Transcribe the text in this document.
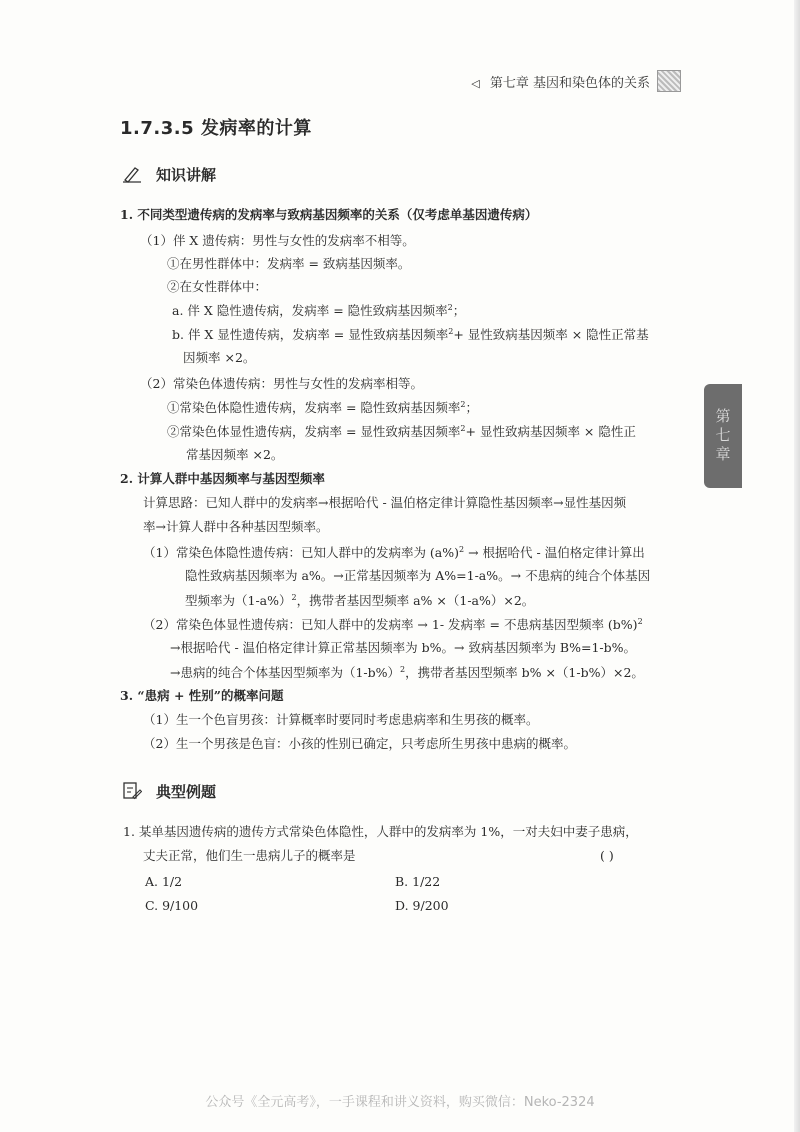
◁ 第七章 基因和染色体的关系
1.7.3.5 发病率的计算
知识讲解
1. 不同类型遗传病的发病率与致病基因频率的关系（仅考虑单基因遗传病）
（1）伴 X 遗传病：男性与女性的发病率不相等。
①在男性群体中：发病率 = 致病基因频率。
②在女性群体中：
a. 伴 X 隐性遗传病，发病率 = 隐性致病基因频率$^2$；
b. 伴 X 显性遗传病，发病率 = 显性致病基因频率$^2$+ 显性致病基因频率 × 隐性正常基
因频率 ×2。
（2）常染色体遗传病：男性与女性的发病率相等。
①常染色体隐性遗传病，发病率 = 隐性致病基因频率$^2$；
②常染色体显性遗传病，发病率 = 显性致病基因频率$^2$+ 显性致病基因频率 × 隐性正
常基因频率 ×2。
2. 计算人群中基因频率与基因型频率
计算思路：已知人群中的发病率→根据哈代 - 温伯格定律计算隐性基因频率→显性基因频
率→计算人群中各种基因型频率。
（1）常染色体隐性遗传病：已知人群中的发病率为 $(a\%)^2$ → 根据哈代 - 温伯格定律计算出
隐性致病基因频率为 a%。→正常基因频率为 A%=1-a%。→ 不患病的纯合个体基因
型频率为$(1-a\%)^2$，携带者基因型频率 a% ×（1-a%）×2。
（2）常染色体显性遗传病：已知人群中的发病率 → 1- 发病率 = 不患病基因型频率 $(b\%)^2$
→根据哈代 - 温伯格定律计算正常基因频率为 b%。→ 致病基因频率为 B%=1-b%。
→患病的纯合个体基因型频率为$(1-b\%)^2$，携带者基因型频率 b% ×（1-b%）×2。
3. “患病 + 性别”的概率问题
（1）生一个色盲男孩：计算概率时要同时考虑患病率和生男孩的概率。
（2）生一个男孩是色盲：小孩的性别已确定，只考虑所生男孩中患病的概率。
典型例题
1. 某单基因遗传病的遗传方式常染色体隐性，人群中的发病率为 1%，一对夫妇中妻子患病，
丈夫正常，他们生一患病儿子的概率是	( )
A. 1/2	B. 1/22
C. 9/100	D. 9/200
第七章
公众号《全元高考》，一手课程和讲义资料，购买微信：Neko-2324
